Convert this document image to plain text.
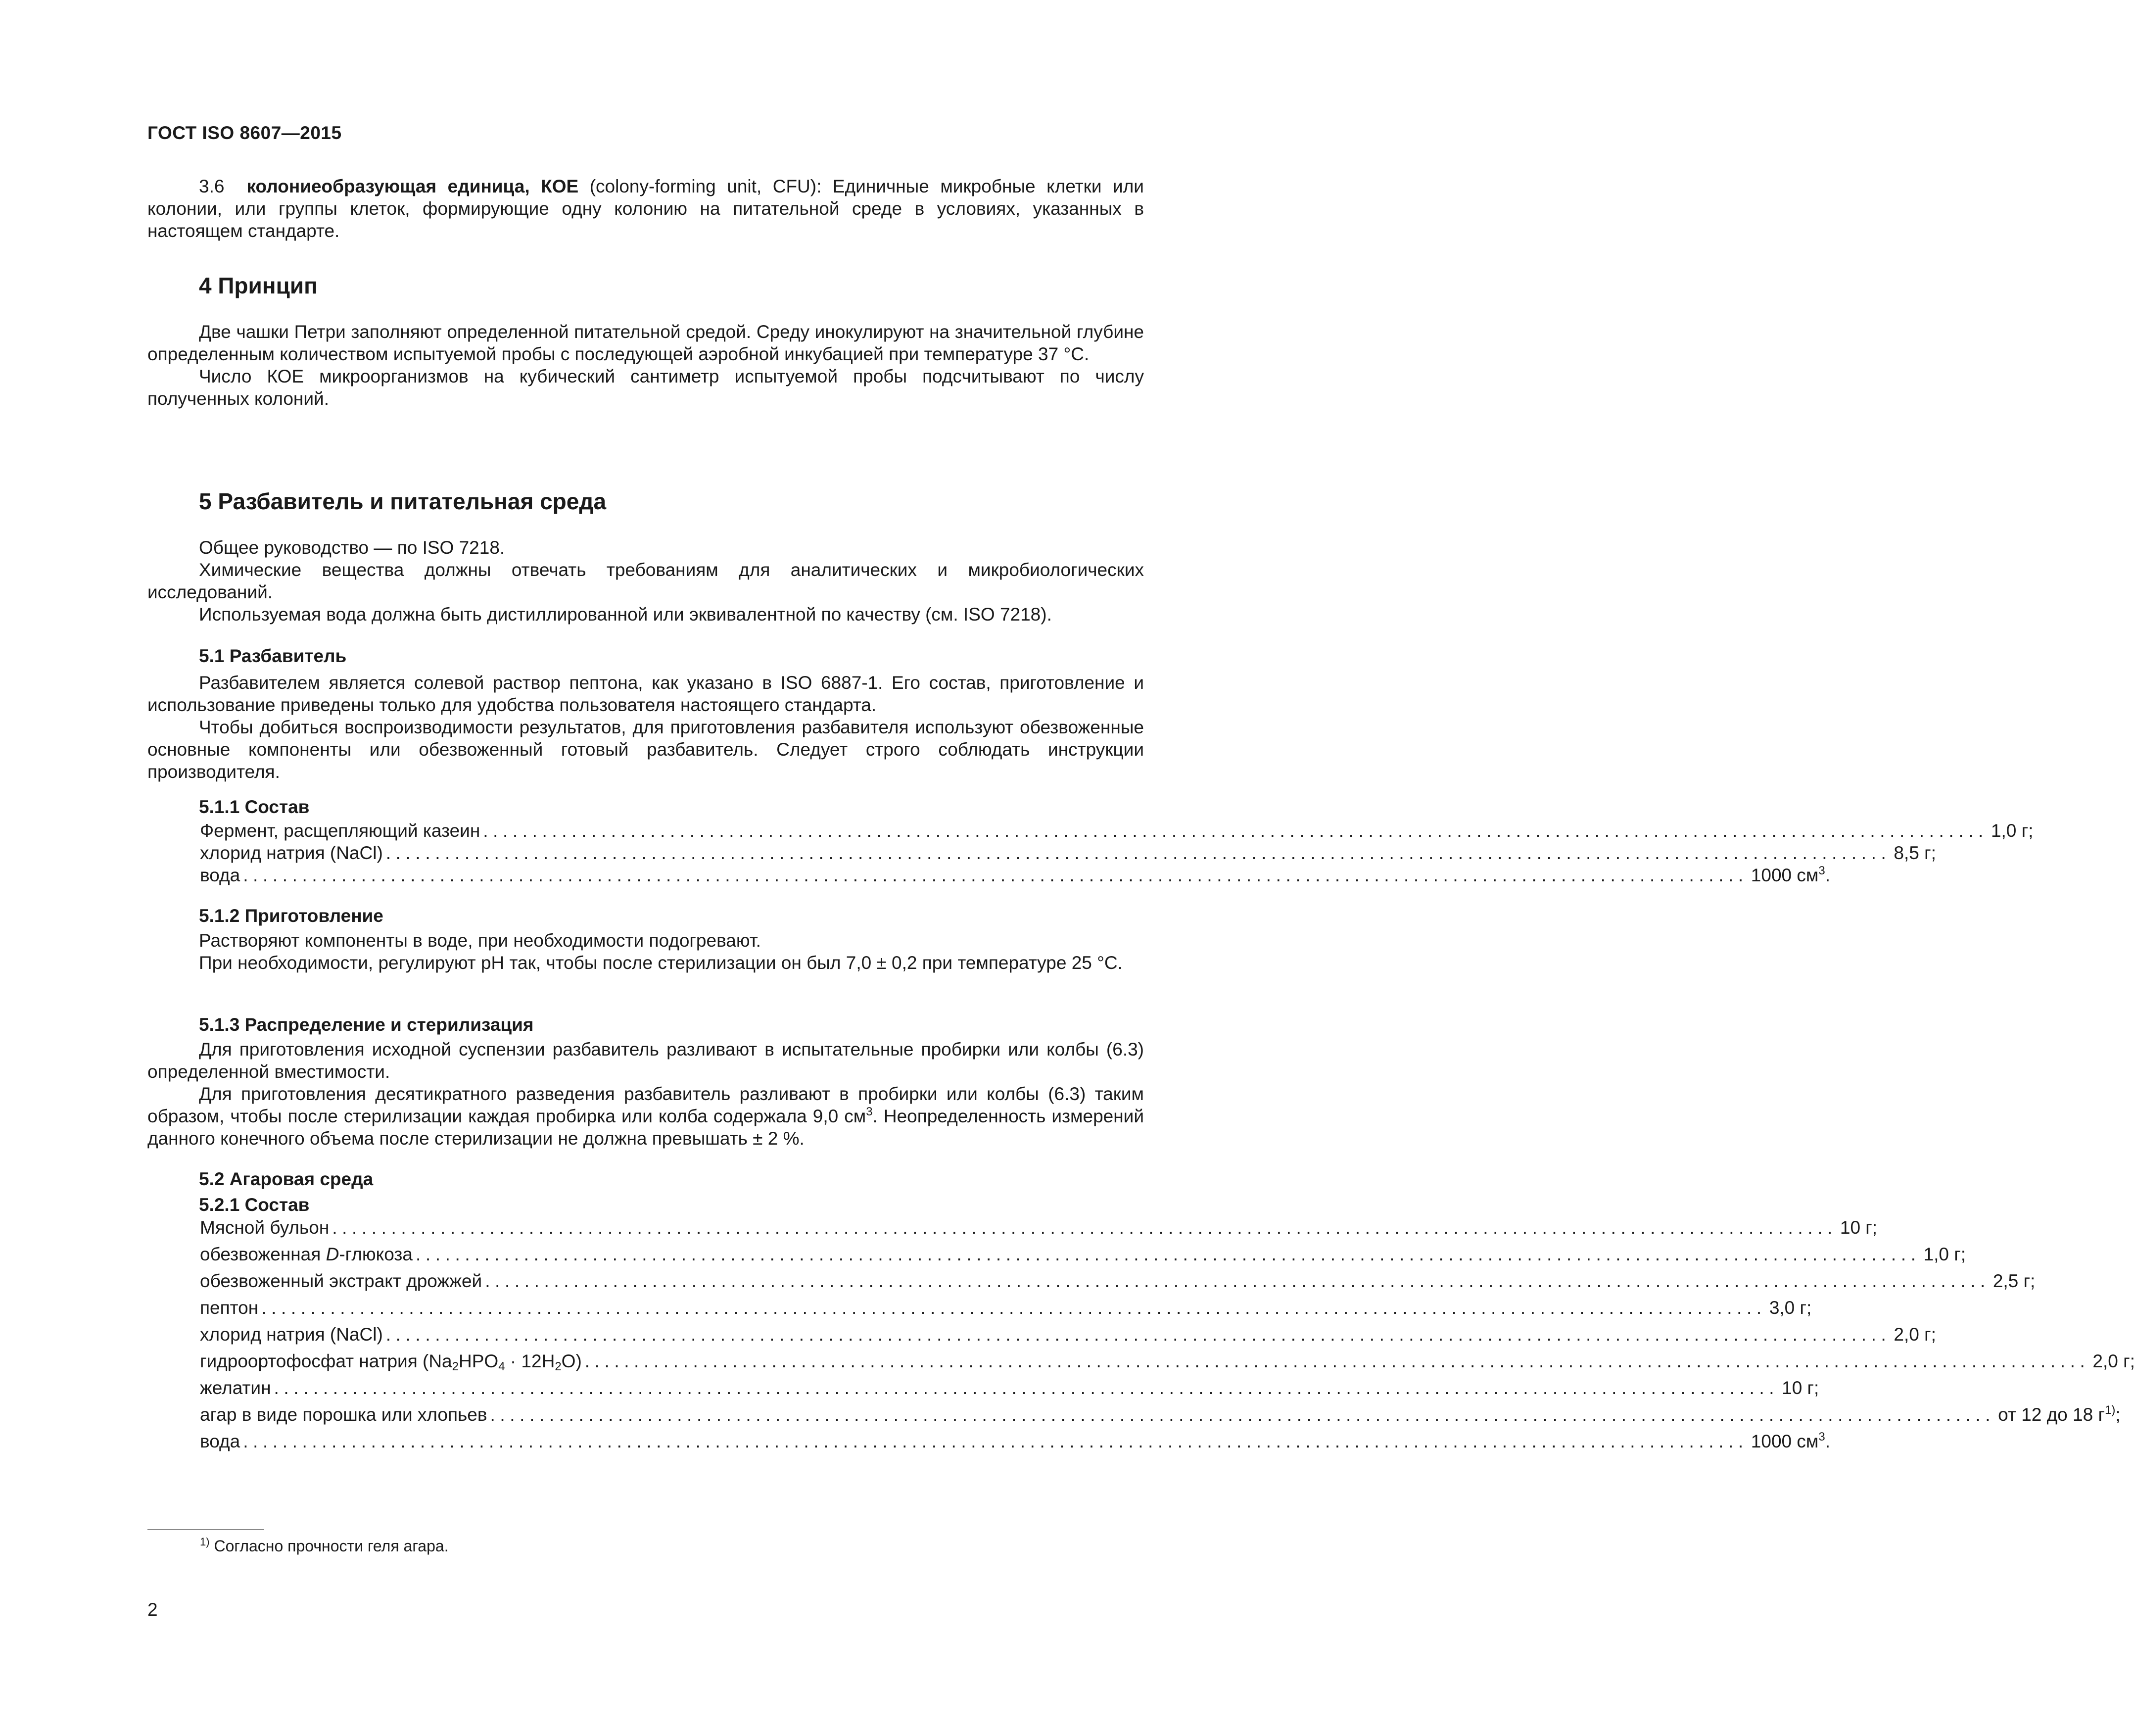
ГОСТ ISO 8607—2015

3.6 колониеобразующая единица, КОЕ (colony-forming unit, CFU): Единичные микробные клетки или колонии, или группы клеток, формирующие одну колонию на питательной среде в условиях, указанных в настоящем стандарте.

4 Принцип

Две чашки Петри заполняют определенной питательной средой. Среду инокулируют на значительной глубине определенным количеством испытуемой пробы с последующей аэробной инкубацией при температуре 37 °С.

Число КОЕ микроорганизмов на кубический сантиметр испытуемой пробы подсчитывают по числу полученных колоний.

5 Разбавитель и питательная среда

Общее руководство — по ISO 7218.

Химические вещества должны отвечать требованиям для аналитических и микробиологических исследований.

Используемая вода должна быть дистиллированной или эквивалентной по качеству (см. ISO 7218).

5.1 Разбавитель

Разбавителем является солевой раствор пептона, как указано в ISO 6887-1. Его состав, приготовление и использование приведены только для удобства пользователя настоящего стандарта.

Чтобы добиться воспроизводимости результатов, для приготовления разбавителя используют обезвоженные основные компоненты или обезвоженный готовый разбавитель. Следует строго соблюдать инструкции производителя.

5.1.1 Состав
Фермент, расщепляющий казеин ......................................................................................................................................................... 1,0 г;
хлорид натрия (NaCl) ......................................................................................................................................................... 8,5 г;
вода ......................................................................................................................................................... 1000 $см^3$.
5.1.2 Приготовление

Растворяют компоненты в воде, при необходимости подогревают.

При необходимости, регулируют pH так, чтобы после стерилизации он был 7,0 ± 0,2 при температуре 25 °С.

5.1.3 Распределение и стерилизация

Для приготовления исходной суспензии разбавитель разливают в испытательные пробирки или колбы (6.3) определенной вместимости.

Для приготовления десятикратного разведения разбавитель разливают в пробирки или колбы (6.3) таким образом, чтобы после стерилизации каждая пробирка или колба содержала 9,0 $см^3$. Неопределенность измерений данного конечного объема после стерилизации не должна превышать ± 2 %.

5.2 Агаровая среда
5.2.1 Состав
Мясной бульон ......................................................................................................................................................... 10 г;
обезвоженная D-глюкоза ......................................................................................................................................................... 1,0 г;
обезвоженный экстракт дрожжей ......................................................................................................................................................... 2,5 г;
пептон ......................................................................................................................................................... 3,0 г;
хлорид натрия (NaCl) ......................................................................................................................................................... 2,0 г;
гидроортофосфат натрия $(Na_2HPO_4 \cdot 12H_2O)$ ......................................................................................................................................................... 2,0 г;
желатин ......................................................................................................................................................... 10 г;
агар в виде порошка или хлопьев ......................................................................................................................................................... от 12 до 18 $г^{1)}$;
вода ......................................................................................................................................................... 1000 $см^3$.
$^{1)}$ Согласно прочности геля агара.
2
